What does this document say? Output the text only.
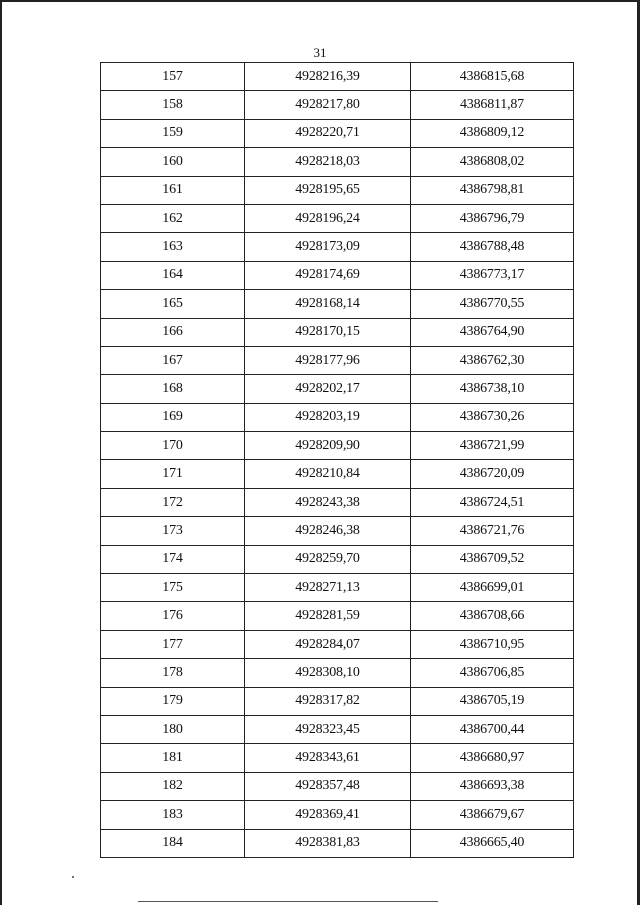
31
157	4928216,39	4386815,68
158	4928217,80	4386811,87
159	4928220,71	4386809,12
160	4928218,03	4386808,02
161	4928195,65	4386798,81
162	4928196,24	4386796,79
163	4928173,09	4386788,48
164	4928174,69	4386773,17
165	4928168,14	4386770,55
166	4928170,15	4386764,90
167	4928177,96	4386762,30
168	4928202,17	4386738,10
169	4928203,19	4386730,26
170	4928209,90	4386721,99
171	4928210,84	4386720,09
172	4928243,38	4386724,51
173	4928246,38	4386721,76
174	4928259,70	4386709,52
175	4928271,13	4386699,01
176	4928281,59	4386708,66
177	4928284,07	4386710,95
178	4928308,10	4386706,85
179	4928317,82	4386705,19
180	4928323,45	4386700,44
181	4928343,61	4386680,97
182	4928357,48	4386693,38
183	4928369,41	4386679,67
184	4928381,83	4386665,40
